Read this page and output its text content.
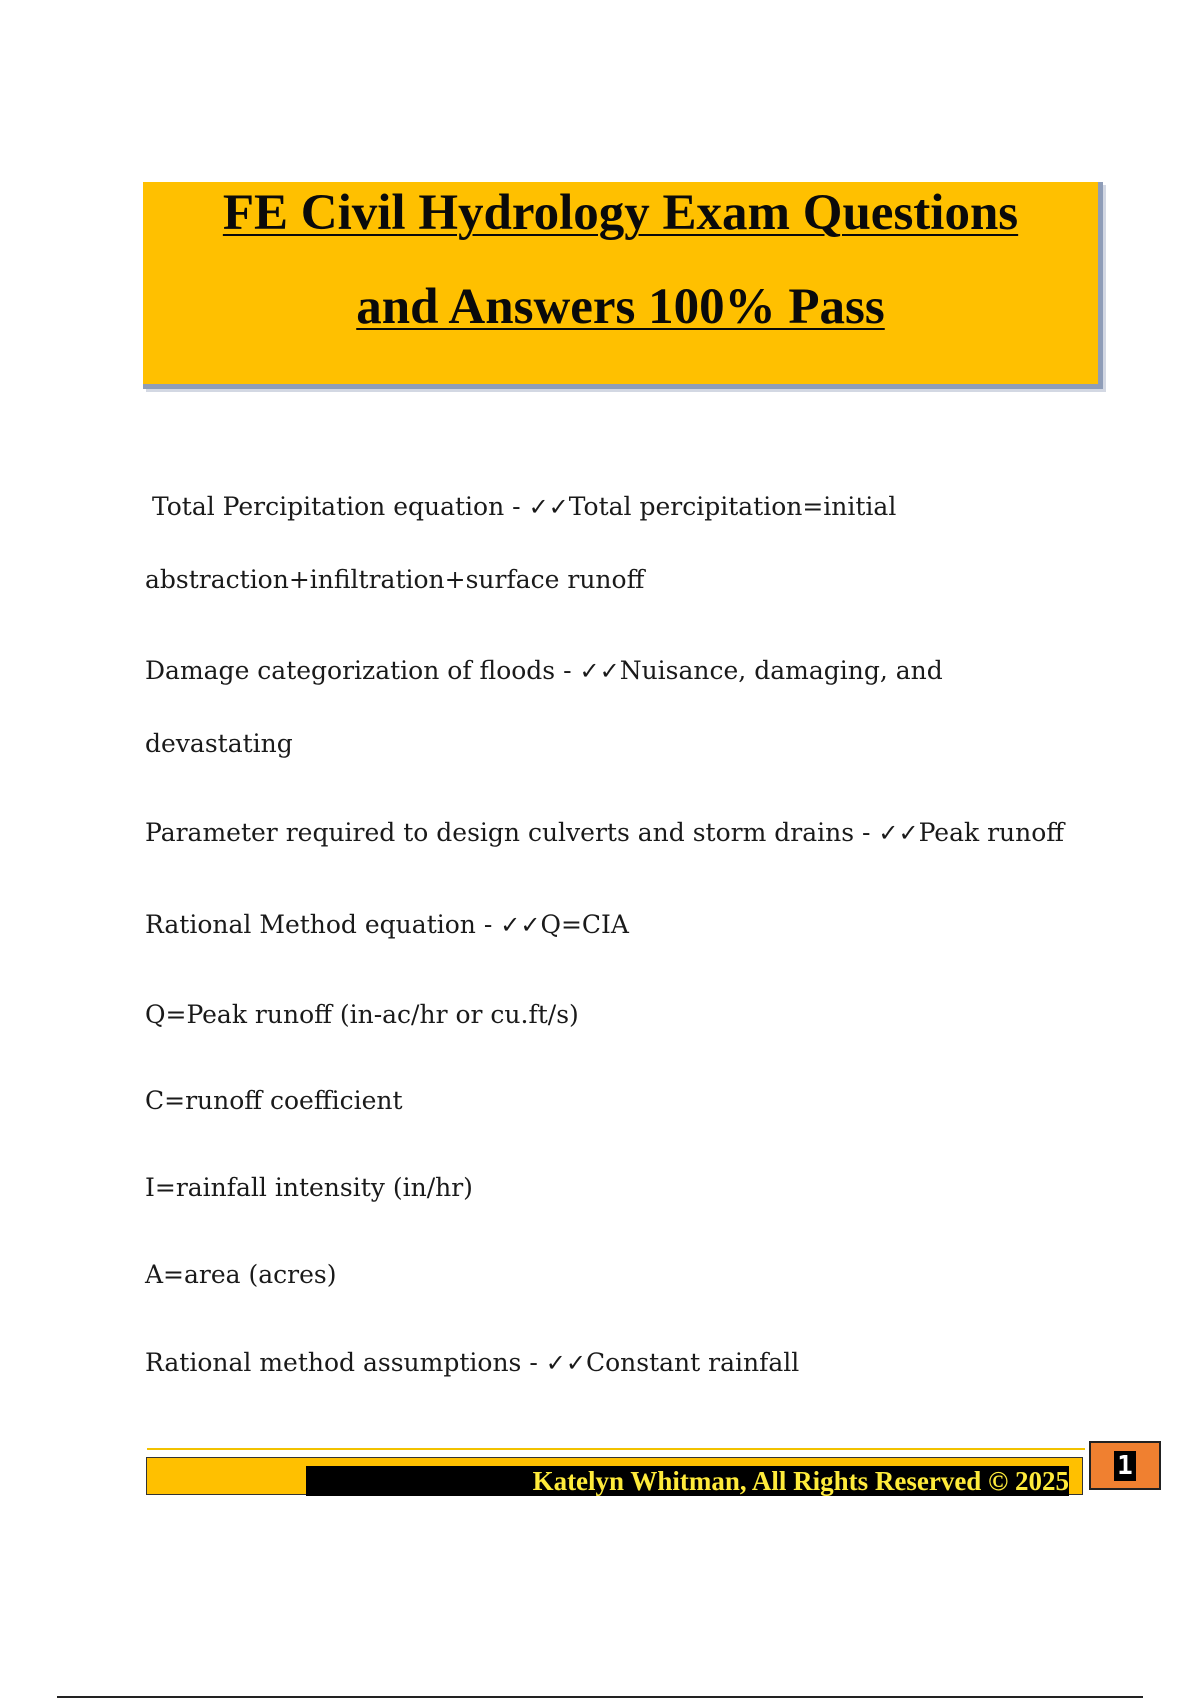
FE Civil Hydrology Exam Questions
and Answers 100% Pass
Total Percipitation equation - ✓✓Total percipitation=initial
abstraction+infiltration+surface runoff
Damage categorization of floods - ✓✓Nuisance, damaging, and
devastating
Parameter required to design culverts and storm drains - ✓✓Peak runoff
Rational Method equation - ✓✓Q=CIA
Q=Peak runoff (in-ac/hr or cu.ft/s)
C=runoff coefficient
I=rainfall intensity (in/hr)
A=area (acres)
Rational method assumptions - ✓✓Constant rainfall
Katelyn Whitman, All Rights Reserved © 2025
1
